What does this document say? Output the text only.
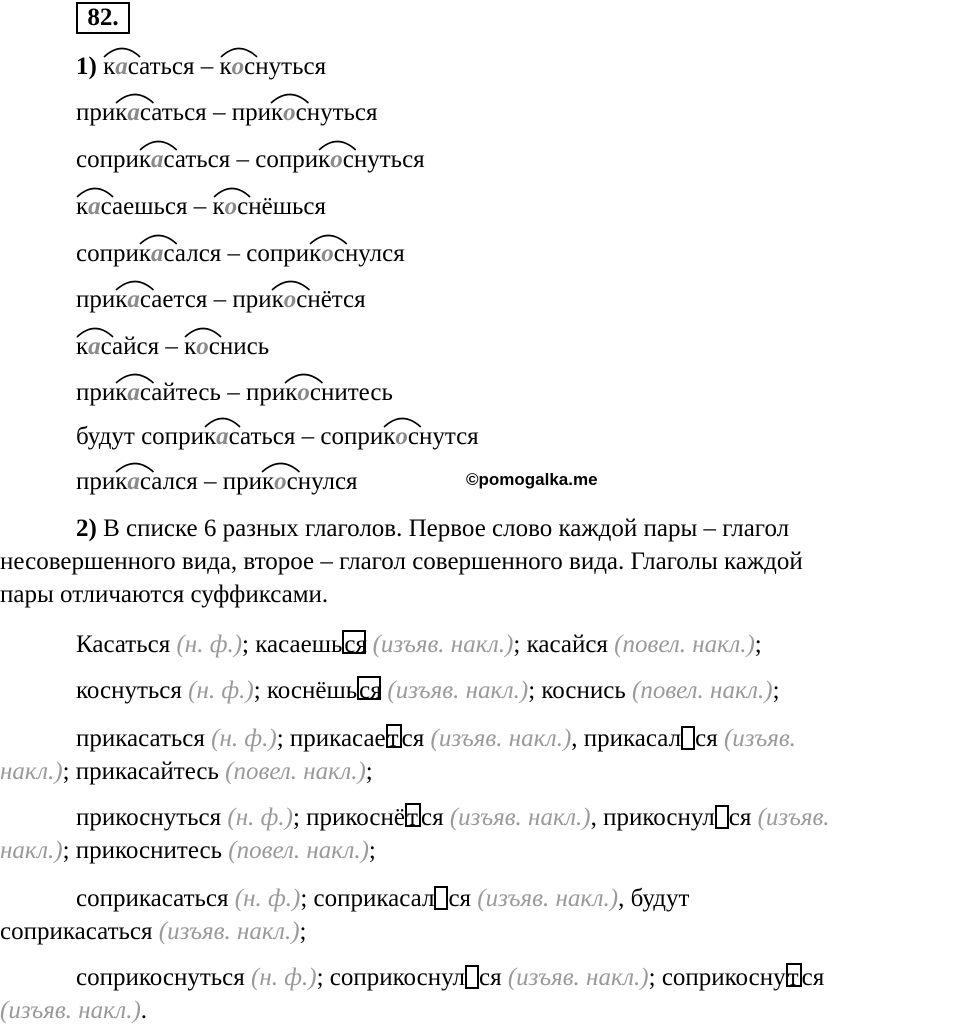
82.
1) касаться – коснуться
прикасаться – прикоснуться
соприкасаться – соприкоснуться
касаешься – коснёшься
соприкасался – соприкоснулся
прикасается – прикоснётся
касайся – коснись
прикасайтесь – прикоснитесь
будут соприкасаться – соприкоснутся
прикасался – прикоснулся	©pomogalka.me
2) В списке 6 разных глаголов. Первое слово каждой пары – глагол
несовершенного вида, второе – глагол совершенного вида. Глаголы каждой
пары отличаются суффиксами.
Касаться (н. ф.); касаешься (изъяв. накл.); касайся (повел. накл.);
коснуться (н. ф.); коснёшься (изъяв. накл.); коснись (повел. накл.);
прикасаться (н. ф.); прикасает ся (изъяв. накл.), прикасал ся (изъяв.
накл.); прикасайтесь (повел. накл.);
прикоснуться (н. ф.); прикоснёт ся (изъяв. накл.), прикоснул ся (изъяв.
накл.); прикоснитесь (повел. накл.);
соприкасаться (н. ф.); соприкасал ся (изъяв. накл.), будут
соприкасаться (изъяв. накл.);
соприкоснуться (н. ф.); соприкоснул ся (изъяв. накл.); соприкоснут ся
(изъяв. накл.).
